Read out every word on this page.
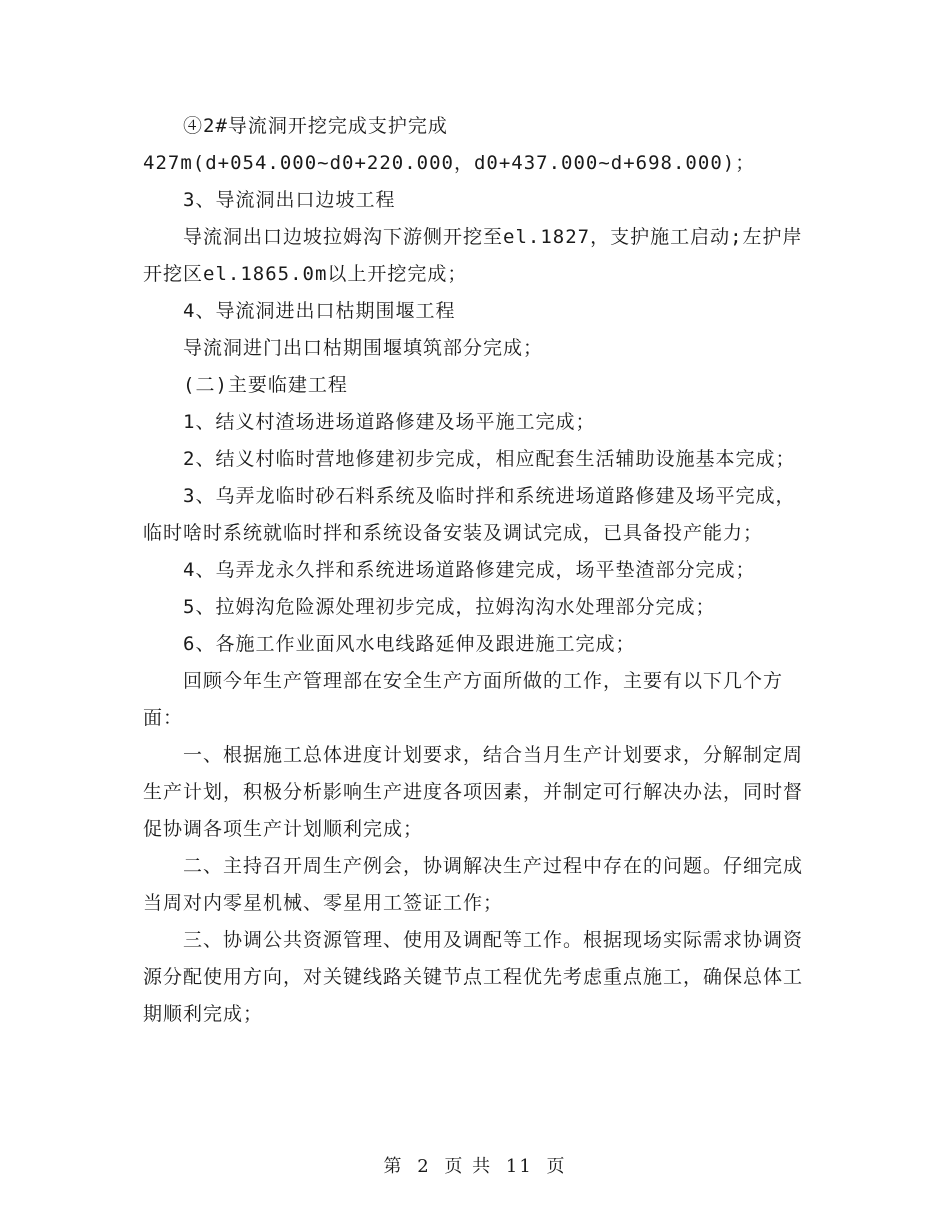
④2#导流洞开挖完成支护完成

427m(d+054.000~d0+220.000，d0+437.000~d+698.000)；

3、导流洞出口边坡工程

导流洞出口边坡拉姆沟下游侧开挖至el.1827，支护施工启动;左护岸开挖区el.1865.0m以上开挖完成；

4、导流洞进出口枯期围堰工程

导流洞进门出口枯期围堰填筑部分完成；

(二)主要临建工程

1、结义村渣场进场道路修建及场平施工完成；

2、结义村临时营地修建初步完成，相应配套生活辅助设施基本完成；

3、乌弄龙临时砂石料系统及临时拌和系统进场道路修建及场平完成，临时啥时系统就临时拌和系统设备安装及调试完成，已具备投产能力；

4、乌弄龙永久拌和系统进场道路修建完成，场平垫渣部分完成；

5、拉姆沟危险源处理初步完成，拉姆沟沟水处理部分完成；

6、各施工作业面风水电线路延伸及跟进施工完成；

回顾今年生产管理部在安全生产方面所做的工作，主要有以下几个方面：

一、根据施工总体进度计划要求，结合当月生产计划要求，分解制定周生产计划，积极分析影响生产进度各项因素，并制定可行解决办法，同时督促协调各项生产计划顺利完成；

二、主持召开周生产例会，协调解决生产过程中存在的问题。仔细完成当周对内零星机械、零星用工签证工作；

三、协调公共资源管理、使用及调配等工作。根据现场实际需求协调资源分配使用方向，对关键线路关键节点工程优先考虑重点施工，确保总体工期顺利完成；

第 2 页 共 11 页
